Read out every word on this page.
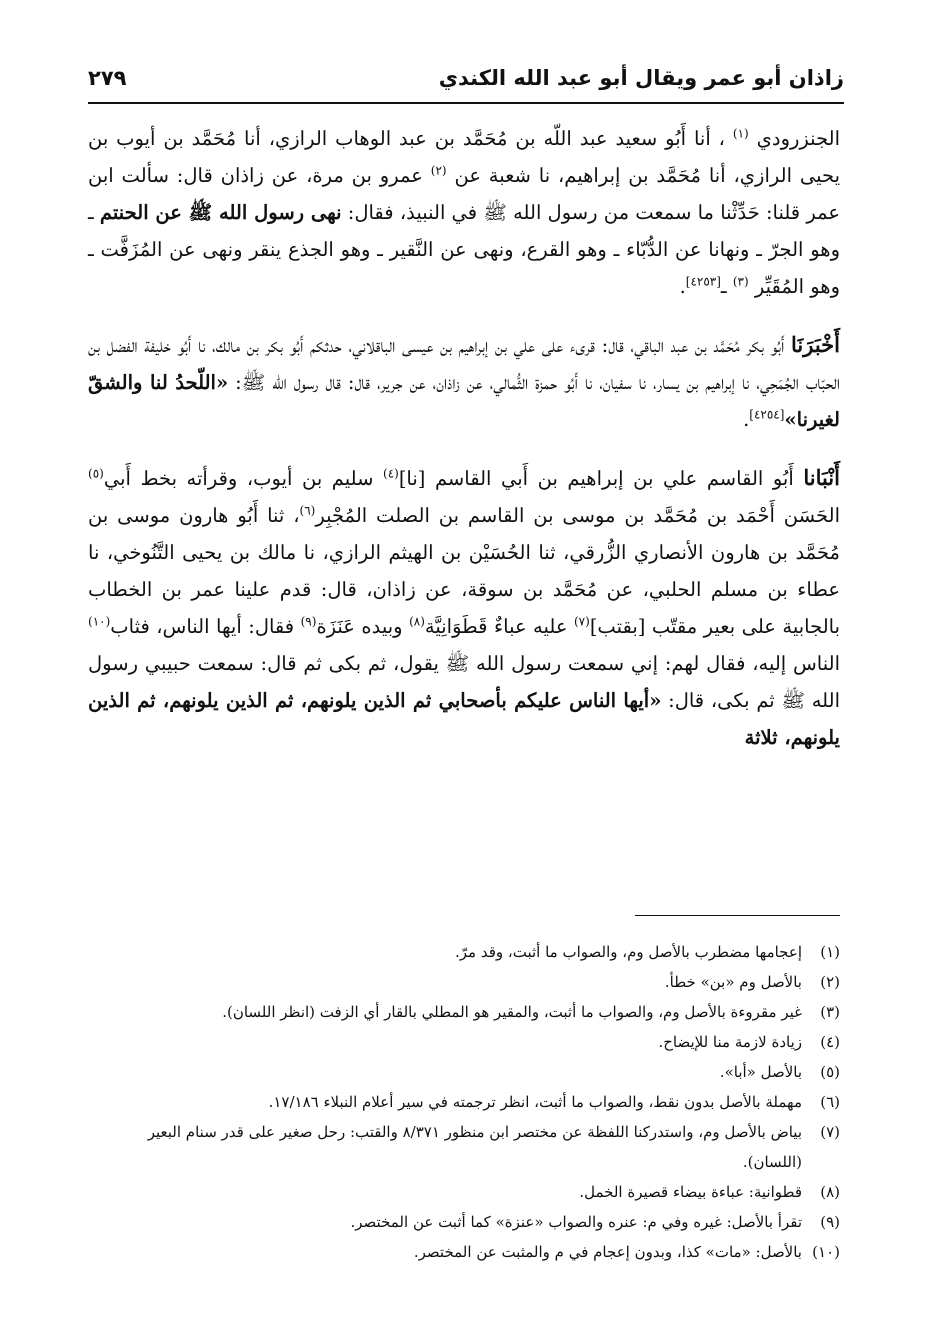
زاذان أبو عمر ويقال أبو عبد الله الكندي
٢٧٩

الجنزرودي $^{(١)}$ ، أنا أَبُو سعيد عبد اللّه بن مُحَمَّد بن عبد الوهاب الرازي، أنا مُحَمَّد بن أيوب بن يحيى الرازي، أنا مُحَمَّد بن إبراهيم، نا شعبة عن $^{(٢)}$ عمرو بن مرة، عن زاذان قال: سألت ابن عمر قلنا: حَدِّثْنا ما سمعت من رسول الله ﷺ في النبيذ، فقال: نهى رسول الله ﷺ عن الحنتم ـ وهو الجرّ ـ ونهانا عن الدُّبّاء ـ وهو القرع، ونهى عن النَّقير ـ وهو الجذع ينقر ونهى عن المُزَفَّت ـ وهو المُقَيِّر $^{(٣)}$ ـ[٤٢٥٣].

أَخْبَرَنَا أَبُو بكر مُحَمَّد بن عبد الباقي، قال: قرىء على علي بن إبراهيم بن عيسى الباقلاني، حدثكم أَبُو بكر بن مالك، نا أَبُو خليفة الفضل بن الحبّاب الجُمَحِي، نا إبراهيم بن يسار، نا سفيان، نا أَبُو حمزة الثُّمالي، عن زاذان، عن جرير، قال: قال رسول الله ﷺ: «اللّحدُ لنا والشقّ لغيرنا»[٤٢٥٤].

أَنْبَانا أَبُو القاسم علي بن إبراهيم بن أَبي القاسم [نا]$^{(٤)}$ سليم بن أيوب، وقرأته بخط أَبي$^{(٥)}$ الحَسَن أَحْمَد بن مُحَمَّد بن موسى بن القاسم بن الصلت المُجْبِر$^{(٦)}$، ثنا أَبُو هارون موسى بن مُحَمَّد بن هارون الأنصاري الزُّرقي، ثنا الحُسَيْن بن الهيثم الرازي، نا مالك بن يحيى التَّنُوخي، نا عطاء بن مسلم الحلبي، عن مُحَمَّد بن سوقة، عن زاذان، قال: قدم علينا عمر بن الخطاب بالجابية على بعير مقتّب [بقتب]$^{(٧)}$ عليه عباءٌ قَطَوَانِيَّة$^{(٨)}$ وبيده عَنَزَة$^{(٩)}$ فقال: أيها الناس، فثاب$^{(١٠)}$ الناس إليه، فقال لهم: إني سمعت رسول الله ﷺ يقول، ثم بكى ثم قال: سمعت حبيبي رسول الله ﷺ ثم بكى، قال: «أيها الناس عليكم بأصحابي ثم الذين يلونهم، ثم الذين يلونهم، ثم الذين يلونهم، ثلاثة

(١)
إعجامها مضطرب بالأصل وم، والصواب ما أثبت، وقد مرّ.
(٢)
بالأصل وم «بن» خطأ.
(٣)
غير مقروءة بالأصل وم، والصواب ما أثبت، والمقير هو المطلي بالقار أي الزفت (انظر اللسان).
(٤)
زيادة لازمة منا للإيضاح.
(٥)
بالأصل «أبا».
(٦)
مهملة بالأصل بدون نقط، والصواب ما أثبت، انظر ترجمته في سير أعلام النبلاء ١٧/١٨٦.
(٧)
بياض بالأصل وم، واستدركنا اللفظة عن مختصر ابن منظور ٨/٣٧١ والقتب: رحل صغير على قدر سنام البعير (اللسان).
(٨)
قطوانية: عباءة بيضاء قصيرة الخمل.
(٩)
تقرأ بالأصل: غيره وفي م: عنره والصواب «عنزة» كما أثبت عن المختصر.
(١٠)
بالأصل: «مات» كذا، وبدون إعجام في م والمثبت عن المختصر.
